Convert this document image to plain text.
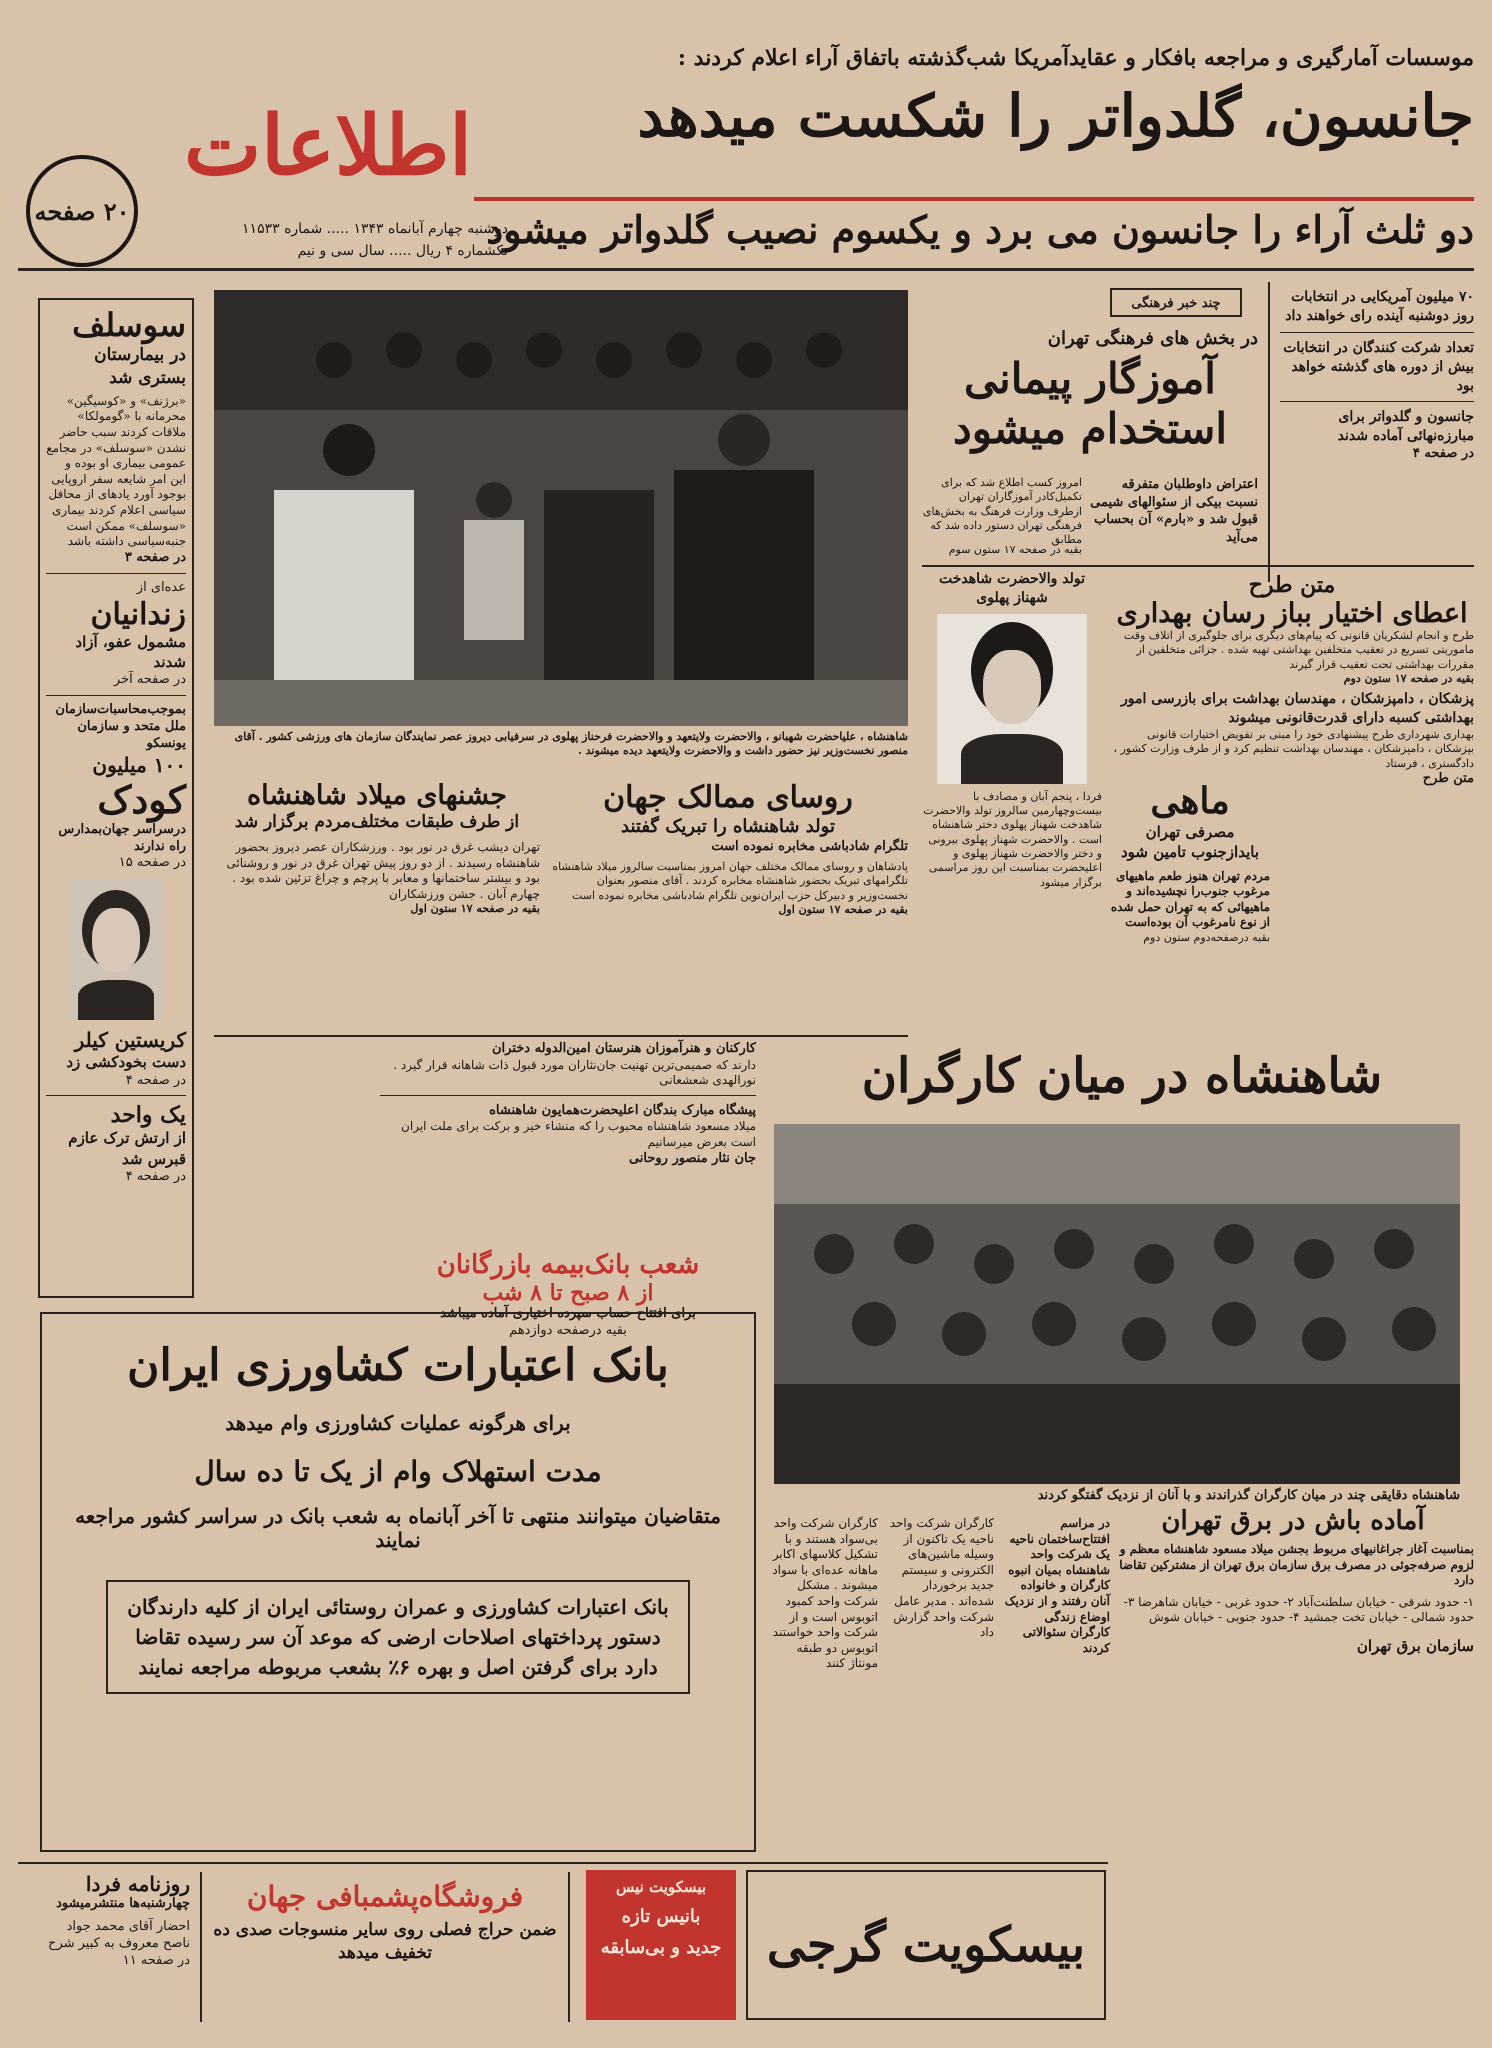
موسسات آمارگیری و مراجعه بافکار و عقایدآمریکا شب‌گذشته باتفاق آراء اعلام کردند :

جانسون، گلدواتر را شکست میدهد

دو ثلث آراء را جانسون می برد و یکسوم نصیب گلدواتر میشود

اطلاعات

۲۰ صفحه

دوشنبه چهارم آبانماه ۱۳۴۳ ..... شماره ۱۱۵۳۳

تکشماره ۴ ریال ..... سال سی و نیم

سوسلف

در بیمارستان بستری شد

«برژنف» و «کوسیگین» محرمانه با «گومولکا» ملاقات کردند سبب حاضر نشدن «سوسلف» در مجامع عمومی بیماری او بوده و این امر شایعه سفر اروپایی بوجود آورد یادهای از محافل سیاسی اعلام کردند بیماری «سوسلف» ممکن است جنبه‌سیاسی داشته باشد

در صفحه ۳

عده‌ای از

زندانیان

مشمول عفو، آزاد شدند

در صفحه‌ آخر

بموجب‌محاسبات‌سازمان ملل متحد و سازمان یونسکو

۱۰۰ میلیون

کودک

درسراسر جهان‌بمدارس راه ندارند

در صفحه ۱۵

کریستین کیلر

دست بخودکشی زد

در صفحه ۴

یک واحد

از ارتش ترک عازم قبرس شد

در صفحه ۴

شاهنشاه ، علیاحضرت شهبانو ، والاحضرت ولایتعهد و والاحضرت فرحناز پهلوی در سرفیابی دیروز عصر نمایندگان سازمان های ورزشی کشور . آقای منصور نخست‌وزیر نیز حضور داشت و والاحضرت ولایتعهد دیده میشوند .

چند خبر فرهنگی

در بخش های فرهنگی تهران

آموزگار پیمانی استخدام میشود

امروز کسب اطلاع شد که برای تکمیل‌کادر آموزگاران تهران ازطرف وزارت فرهنگ به بخش‌های فرهنگی تهران دستور داده شد که مطابق

بقیه در صفحه ۱۷ ستون سوم

اعتراض داوطلبان متفرقه نسبت بیکی از سئوالهای شیمی قبول شد و «بارم» آن بحساب می‌آید

۷۰ میلیون آمریکایی در انتخابات روز دوشنبه آینده رای خواهند داد

تعداد شرکت کنندگان در انتخابات بیش از دوره های گذشته خواهد بود

جانسون و گلدواتر برای مبارزه‌نهائی آماده شدند

در صفحه ۴

تولد والاحضرت شاهدخت شهناز پهلوی

فردا ، پنجم آبان و مصادف با بیست‌وچهارمین سالروز تولد والاحضرت شاهدخت شهناز پهلوی دختر شاهنشاه است . والاحضرت شهناز پهلوی بیرونی و دختر والاحضرت شهناز پهلوی و اعلیحضرت بمناسبت این روز مراسمی برگزار میشود

متن طرح

اعطای اختیار بباز رسان بهداری

طرح و انجام لشکریان قانونی که پیام‌های دیگری برای جلوگیری از اتلاف وقت ماموریتی تسریع در تعقیب متخلفین بهداشتی تهیه شده . جزائی متخلفین از مقررات بهداشتی تحت تعقیب قرار گیرند

بقیه در صفحه ۱۷ ستون دوم

پزشکان ، دامپزشکان ، مهندسان بهداشت برای بازرسی امور بهداشتی کسبه دارای قدرت‌قانونی میشوند

بهداری شهرداری طرح پیشنهادی خود را مبنی بر تفویض اختیارات قانونی بپزشکان ، دامپزشکان ، مهندسان بهداشت تنظیم کرد و از طرف وزارت کشور ، دادگستری ، فرستاد

متن طرح

ماهی

مصرفی تهران بایدازجنوب تامین شود

مردم تهران هنوز طعم ماهیهای مرغوب جنوب‌را نچشیده‌اند و ماهیهائی که به تهران حمل شده از نوع نامرغوب آن بوده‌است

بقیه درصفحه‌دوم ستون دوم

روسای ممالک جهان

تولد شاهنشاه را تبریک گفتند

تلگرام شادباشی مخابره نموده است

پادشاهان و روسای ممالک مختلف جهان امروز بمناسبت سالروز میلاد شاهنشاه تلگرامهای تبریک بحضور شاهنشاه مخابره کردند . آقای منصور بعنوان نخست‌وزیر و دبیرکل حزب ایران‌نوین تلگرام شادباشی مخابره نموده است

بقیه در صفحه ۱۷ ستون اول

جشنهای میلاد شاهنشاه

از طرف طبقات مختلف‌مردم برگزار شد

تهران دیشب غرق در نور بود . ورزشکاران عصر دیروز بحضور شاهنشاه رسیدند . از دو روز پیش تهران غرق در نور و روشنائی بود و بیشتر ساختمانها و معابر با پرچم و چراغ تزئین شده بود . چهارم آبان . جشن ورزشکاران

بقیه در صفحه ۱۷ ستون اول

کارکنان و هنرآموزان هنرستان امین‌الدوله دختران

دارند که صمیمی‌ترین تهنیت جان‌نثاران مورد قبول ذات شاهانه قرار گیرد . نورالهدی شعشعانی

پیشگاه مبارک بندگان اعلیحضرت‌همایون شاهنشاه

میلاد مسعود شاهنشاه محبوب را که منشاء خیر و برکت برای ملت ایران است بعرض میرسانیم

جان نثار منصور روحانی

شعب بانک‌بیمه بازرگانان

از ۸ صبح تا ۸ شب

برای افتتاح حساب سپرده اختیاری آماده میباشد

بقیه درصفحه دوازدهم

شاهنشاه در میان کارگران

شاهنشاه دقایقی چند در میان کارگران گذراندند و با آنان از نزدیک گفتگو کردند

بانک اعتبارات کشاورزی ایران

برای هرگونه عملیات کشاورزی وام میدهد

مدت استهلاک وام از یک تا ده سال

متقاضیان میتوانند منتهی تا آخر آبانماه به شعب بانک در سراسر کشور مراجعه نمایند

بانک اعتبارات کشاورزی و عمران روستائی ایران از کلیه دارندگان دستور پرداختهای اصلاحات ارضی که موعد آن سر رسیده تقاضا دارد برای گرفتن اصل و بهره ۶٪ بشعب مربوطه مراجعه نمایند

در مراسم افتتاح‌ساختمان ناحیه یک شرکت واحد شاهنشاه بمیان انبوه کارگران و خانواده آنان رفتند و از نزدیک اوضاع زندگی کارگران سئوالاتی کردند

کارگران شرکت واحد ناحیه یک تاکنون از وسیله ماشین‌های الکترونی و سیستم جدید برخوردار شده‌اند . مدیر عامل شرکت واحد گزارش داد

کارگران شرکت واحد بی‌سواد هستند و با تشکیل کلاسهای اکابر ماهانه عده‌ای با سواد میشوند . مشکل شرکت واحد کمبود اتوبوس است و از شرکت واحد خواستند اتوبوس دو طبقه مونتاژ کنند

آماده باش در برق تهران

بمناسبت آغاز جراغانیهای مربوط بجشن میلاد مسعود شاهنشاه معظم و لزوم صرفه‌جوئی در مصرف برق سازمان برق تهران از مشترکین تقاضا دارد

۱- حدود شرقی - خیابان سلطنت‌آباد ۲- حدود غربی - خیابان شاهرضا ۳- حدود شمالی - خیابان تخت جمشید ۴- حدود جنوبی - خیابان شوش

سازمان برق تهران

روزنامه فردا

چهارشنبه‌ها منتشرمیشود

احضار آقای محمد جواد ناصح معروف به کبیر شرح در صفحه ۱۱

فروشگاه‌پشمبافی جهان

ضمن حراج فصلی روی سایر منسوجات صدی ده تخفیف میدهد

بیسکویت نیس

بانیس تازه

جدید و بی‌سابقه بیسکویت گرجی
